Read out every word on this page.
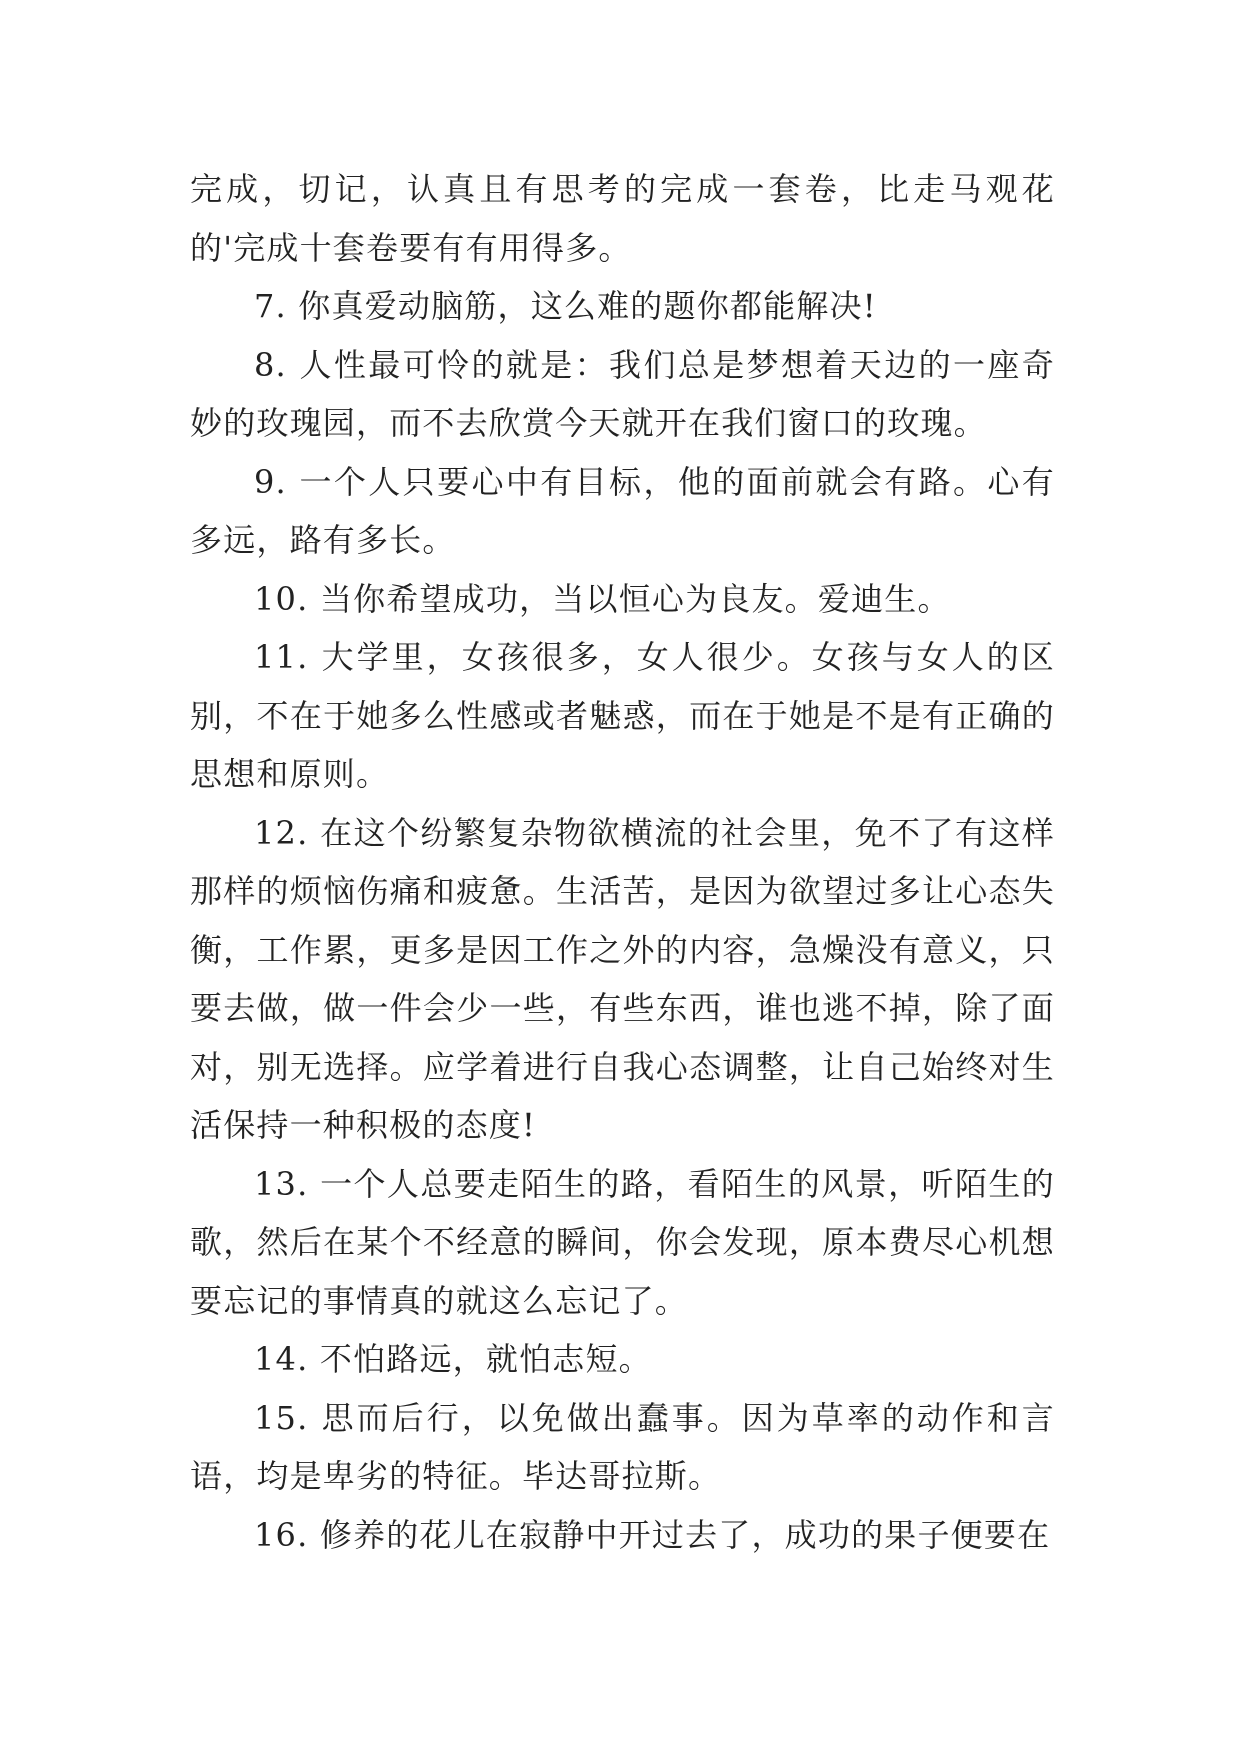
完成，切记，认真且有思考的完成一套卷，比走马观花的'完成十套卷要有有用得多。

7. 你真爱动脑筋，这么难的题你都能解决!

8. 人性最可怜的就是：我们总是梦想着天边的一座奇妙的玫瑰园，而不去欣赏今天就开在我们窗口的玫瑰。

9. 一个人只要心中有目标，他的面前就会有路。心有多远，路有多长。

10. 当你希望成功，当以恒心为良友。爱迪生。

11. 大学里，女孩很多，女人很少。女孩与女人的区别，不在于她多么性感或者魅惑，而在于她是不是有正确的思想和原则。

12. 在这个纷繁复杂物欲横流的社会里，免不了有这样那样的烦恼伤痛和疲惫。生活苦，是因为欲望过多让心态失衡，工作累，更多是因工作之外的内容，急燥没有意义，只要去做，做一件会少一些，有些东西，谁也逃不掉，除了面对，别无选择。应学着进行自我心态调整，让自己始终对生活保持一种积极的态度!

13. 一个人总要走陌生的路，看陌生的风景，听陌生的歌，然后在某个不经意的瞬间，你会发现，原本费尽心机想要忘记的事情真的就这么忘记了。

14. 不怕路远，就怕志短。

15. 思而后行，以免做出蠢事。因为草率的动作和言语，均是卑劣的特征。毕达哥拉斯。

16. 修养的花儿在寂静中开过去了，成功的果子便要在
